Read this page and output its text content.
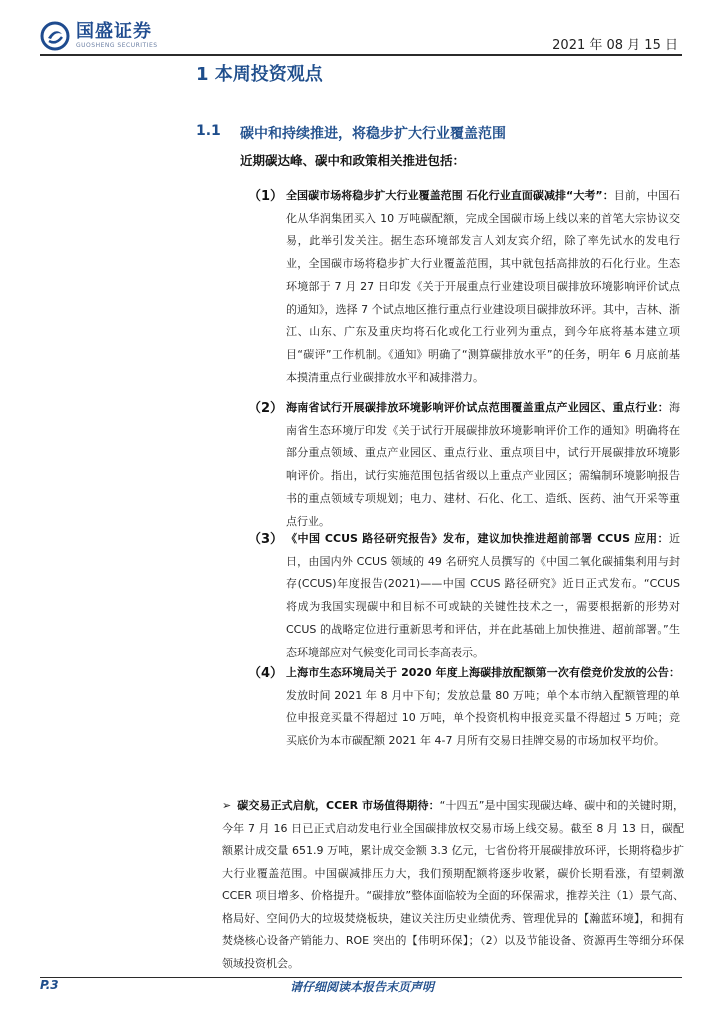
国盛证券
GUOSHENG SECURITIES	2021 年 08 月 15 日
1 本周投资观点
1.1 碳中和持续推进，将稳步扩大行业覆盖范围
近期碳达峰、碳中和政策相关推进包括：
（1） 全国碳市场将稳步扩大行业覆盖范围 石化行业直面碳减排“大考”：目前，中国石化从华润集团买入 10 万吨碳配额，完成全国碳市场上线以来的首笔大宗协议交易，此举引发关注。据生态环境部发言人刘友宾介绍，除了率先试水的发电行业，全国碳市场将稳步扩大行业覆盖范围，其中就包括高排放的石化行业。生态环境部于 7 月 27 日印发《关于开展重点行业建设项目碳排放环境影响评价试点的通知》，选择 7 个试点地区推行重点行业建设项目碳排放环评。其中，吉林、浙江、山东、广东及重庆均将石化或化工行业列为重点，到今年底将基本建立项目“碳评”工作机制。《通知》明确了“测算碳排放水平”的任务，明年 6 月底前基本摸清重点行业碳排放水平和减排潜力。
（2） 海南省试行开展碳排放环境影响评价试点范围覆盖重点产业园区、重点行业：海南省生态环境厅印发《关于试行开展碳排放环境影响评价工作的通知》明确将在部分重点领域、重点产业园区、重点行业、重点项目中，试行开展碳排放环境影响评价。指出，试行实施范围包括省级以上重点产业园区；需编制环境影响报告书的重点领域专项规划；电力、建材、石化、化工、造纸、医药、油气开采等重点行业。
（3） 《中国 CCUS 路径研究报告》发布，建议加快推进超前部署 CCUS 应用：近日，由国内外 CCUS 领域的 49 名研究人员撰写的《中国二氧化碳捕集利用与封存(CCUS)年度报告(2021)——中国 CCUS 路径研究》近日正式发布。“CCUS 将成为我国实现碳中和目标不可或缺的关键性技术之一，需要根据新的形势对 CCUS 的战略定位进行重新思考和评估，并在此基础上加快推进、超前部署。”生态环境部应对气候变化司司长李高表示。
（4） 上海市生态环境局关于 2020 年度上海碳排放配额第一次有偿竞价发放的公告：发放时间 2021 年 8 月中下旬；发放总量 80 万吨；单个本市纳入配额管理的单位申报竞买量不得超过 10 万吨，单个投资机构申报竞买量不得超过 5 万吨；竞买底价为本市碳配额 2021 年 4-7 月所有交易日挂牌交易的市场加权平均价。
➢ 碳交易正式启航，CCER 市场值得期待：“十四五”是中国实现碳达峰、碳中和的关键时期，今年 7 月 16 日已正式启动发电行业全国碳排放权交易市场上线交易。截至 8 月 13 日，碳配额累计成交量 651.9 万吨，累计成交金额 3.3 亿元，七省份将开展碳排放环评，长期将稳步扩大行业覆盖范围。中国碳减排压力大，我们预期配额将逐步收紧，碳价长期看涨，有望刺激 CCER 项目增多、价格提升。“碳排放”整体面临较为全面的环保需求，推荐关注（1）景气高、格局好、空间仍大的垃圾焚烧板块，建议关注历史业绩优秀、管理优异的【瀚蓝环境】，和拥有焚烧核心设备产销能力、ROE 突出的【伟明环保】；（2）以及节能设备、资源再生等细分环保领域投资机会。
请仔细阅读本报告末页声明
P.3
